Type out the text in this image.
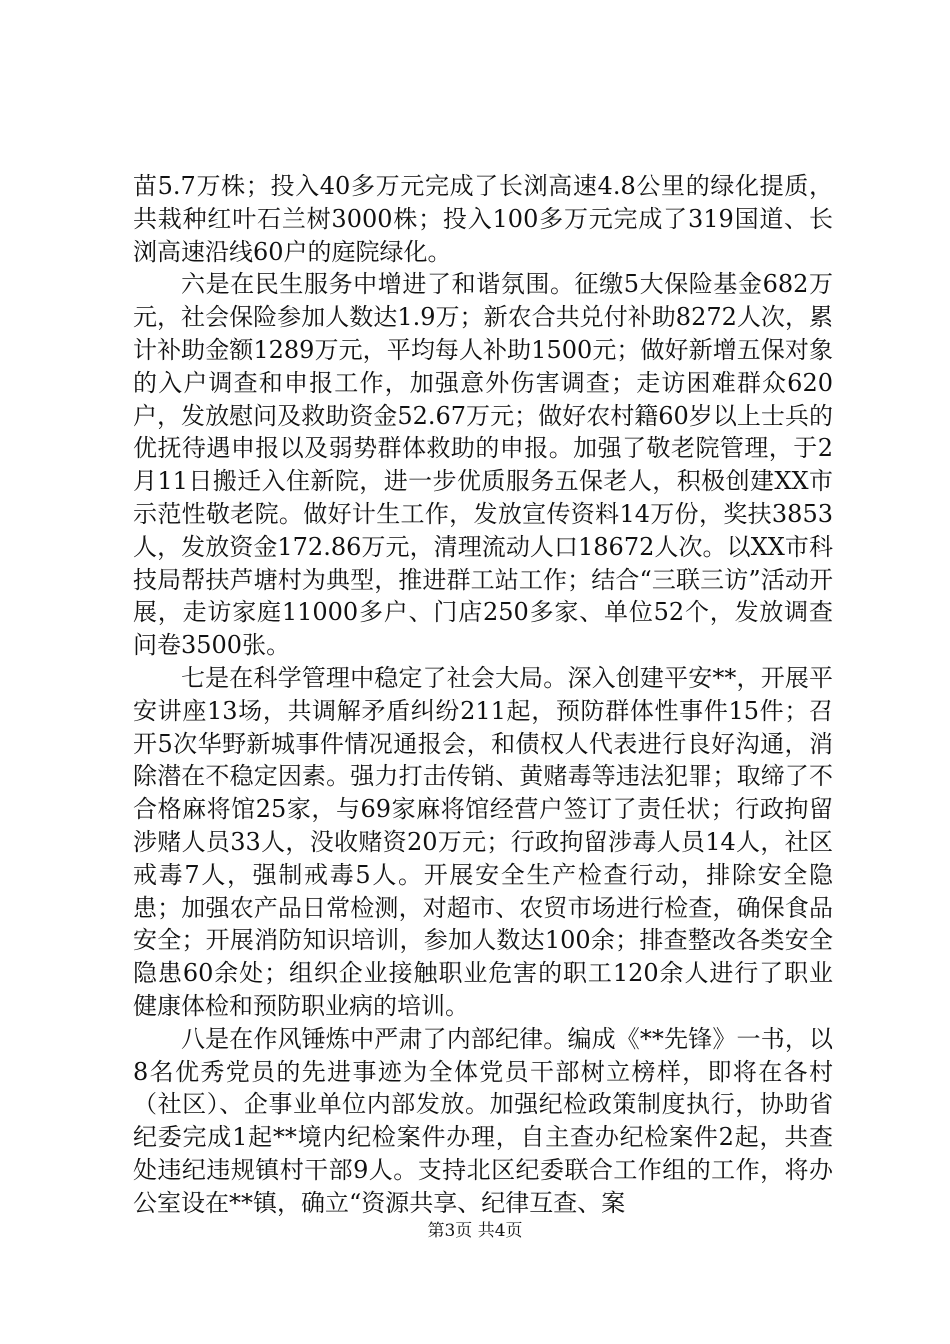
苗5.7万株；投入40多万元完成了长浏高速4.8公里的绿化提质，共栽种红叶石兰树3000株；投入100多万元完成了319国道、长浏高速沿线60户的庭院绿化。

六是在民生服务中增进了和谐氛围。征缴5大保险基金682万元，社会保险参加人数达1.9万；新农合共兑付补助8272人次，累计补助金额1289万元，平均每人补助1500元；做好新增五保对象的入户调查和申报工作，加强意外伤害调查；走访困难群众620户，发放慰问及救助资金52.67万元；做好农村籍60岁以上士兵的优抚待遇申报以及弱势群体救助的申报。加强了敬老院管理，于2月11日搬迁入住新院，进一步优质服务五保老人，积极创建XX市示范性敬老院。做好计生工作，发放宣传资料14万份，奖扶3853人，发放资金172.86万元，清理流动人口18672人次。以XX市科技局帮扶芦塘村为典型，推进群工站工作；结合“三联三访”活动开展，走访家庭11000多户、门店250多家、单位52个，发放调查问卷3500张。

七是在科学管理中稳定了社会大局。深入创建平安**，开展平安讲座13场，共调解矛盾纠纷211起，预防群体性事件15件；召开5次华野新城事件情况通报会，和债权人代表进行良好沟通，消除潜在不稳定因素。强力打击传销、黄赌毒等违法犯罪；取缔了不合格麻将馆25家，与69家麻将馆经营户签订了责任状；行政拘留涉赌人员33人，没收赌资20万元；行政拘留涉毒人员14人，社区戒毒7人，强制戒毒5人。开展安全生产检查行动，排除安全隐患；加强农产品日常检测，对超市、农贸市场进行检查，确保食品安全；开展消防知识培训，参加人数达100余；排查整改各类安全隐患60余处；组织企业接触职业危害的职工120余人进行了职业健康体检和预防职业病的培训。

八是在作风锤炼中严肃了内部纪律。编成《**先锋》一书，以8名优秀党员的先进事迹为全体党员干部树立榜样，即将在各村（社区）、企事业单位内部发放。加强纪检政策制度执行，协助省纪委完成1起**境内纪检案件办理，自主查办纪检案件2起，共查处违纪违规镇村干部9人。支持北区纪委联合工作组的工作，将办公室设在**镇，确立“资源共享、纪律互查、案

第3页 共4页
